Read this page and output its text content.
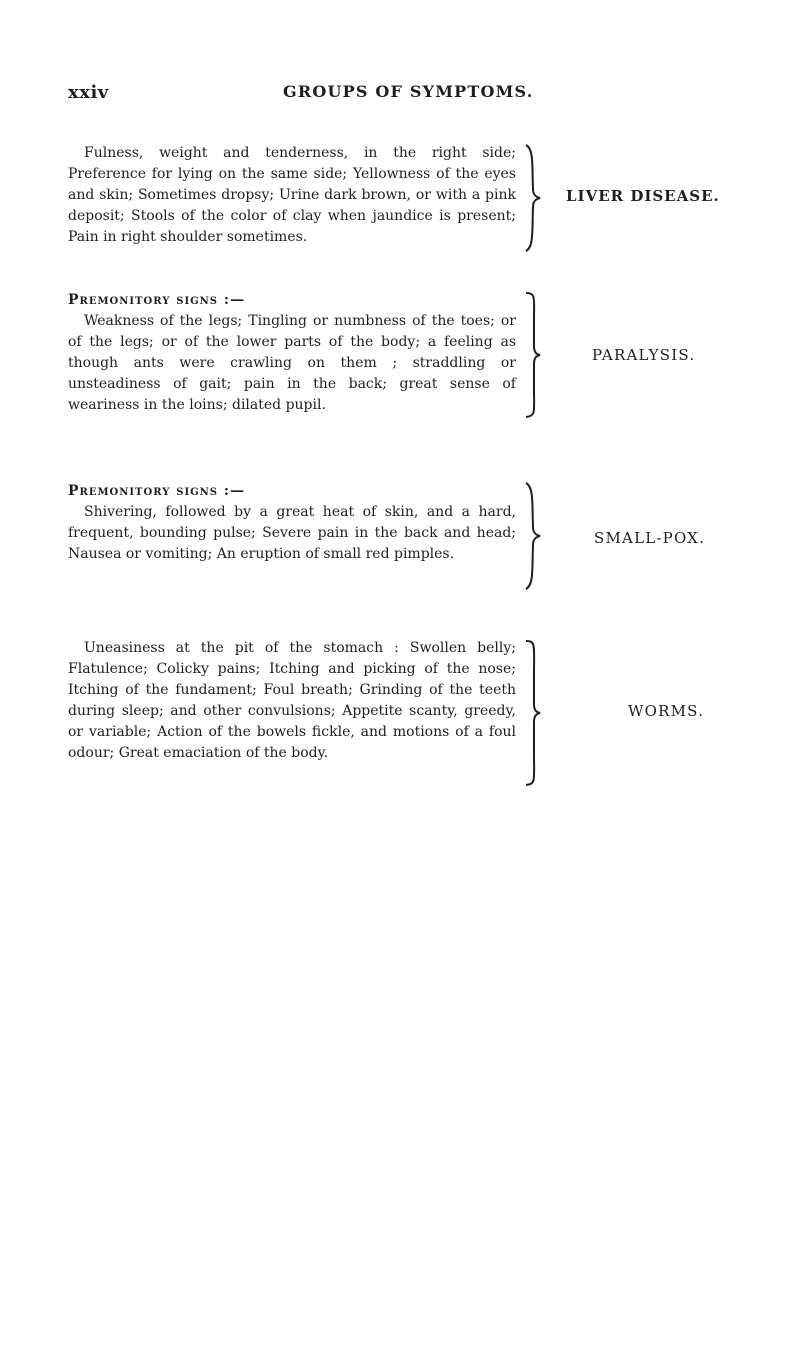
xxiv	GROUPS OF SYMPTOMS.
Fulness, weight and tenderness, in the right side; Preference for lying on the same side; Yellowness of the eyes and skin; Sometimes dropsy; Urine dark brown, or with a pink deposit; Stools of the color of clay when jaundice is present; Pain in right shoulder sometimes.
LIVER DISEASE.
Premonitory signs :—
Weakness of the legs; Tingling or numbness of the toes; or of the legs; or of the lower parts of the body; a feeling as though ants were crawling on them ; straddling or unsteadiness of gait; pain in the back; great sense of weariness in the loins; dilated pupil.
PARALYSIS.
Premonitory signs :—
Shivering, followed by a great heat of skin, and a hard, frequent, bounding pulse; Severe pain in the back and head; Nausea or vomiting; An eruption of small red pimples.
SMALL-POX.
Uneasiness at the pit of the stomach : Swollen belly; Flatulence; Colicky pains; Itching and picking of the nose; Itching of the fundament; Foul breath; Grinding of the teeth during sleep; and other convulsions; Appetite scanty, greedy, or variable; Action of the bowels fickle, and motions of a foul odour; Great emaciation of the body.
WORMS.
